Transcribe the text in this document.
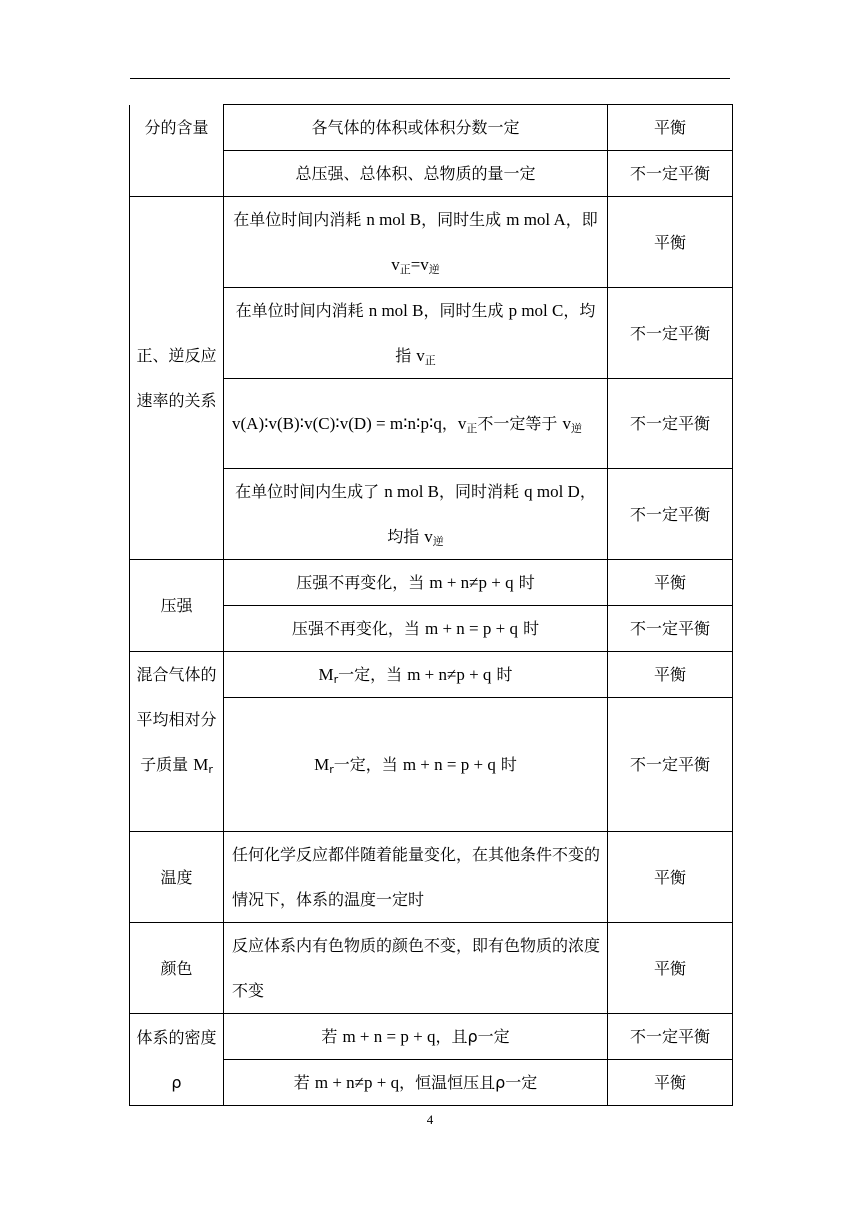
分的含量	各气体的体积或体积分数一定	平衡
	总压强、总体积、总物质的量一定	不一定平衡
正、逆反应速率的关系	在单位时间内消耗 n mol B，同时生成 m mol A，即 $v_正=v_逆$	平衡
	在单位时间内消耗 n mol B，同时生成 p mol C，均指 $v_正$	不一定平衡
	v(A)∶v(B)∶v(C)∶v(D) = m∶n∶p∶q，$v_正$不一定等于 $v_逆$	不一定平衡
	在单位时间内生成了 n mol B，同时消耗 q mol D，均指 $v_逆$	不一定平衡
压强	压强不再变化，当 m + n≠p + q 时	平衡
	压强不再变化，当 m + n = p + q 时	不一定平衡
混合气体的平均相对分子质量 $M_r$	$M_r$一定，当 m + n≠p + q 时	平衡
	$M_r$一定，当 m + n = p + q 时	不一定平衡
温度	任何化学反应都伴随着能量变化，在其他条件不变的情况下，体系的温度一定时	平衡
颜色	反应体系内有色物质的颜色不变，即有色物质的浓度不变	平衡
体系的密度ρ	若 m + n = p + q，且ρ一定	不一定平衡
	若 m + n≠p + q，恒温恒压且ρ一定	平衡
4
